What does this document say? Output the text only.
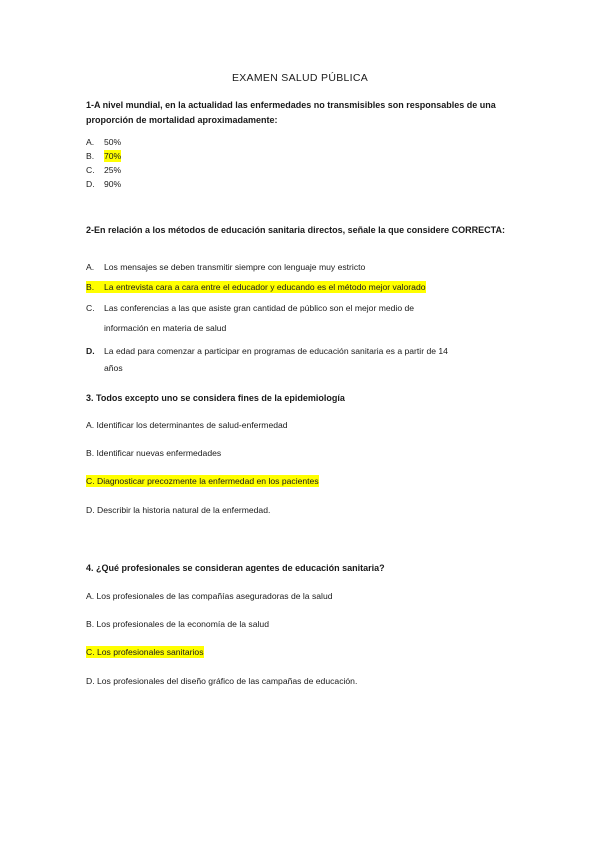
EXAMEN SALUD PÚBLICA
1-A nivel mundial, en la actualidad las enfermedades no transmisibles son responsables de una proporción de mortalidad aproximadamente:
A. 50%
B. 70%
C. 25%
D. 90%
2-En relación a los métodos de educación sanitaria directos, señale la que considere CORRECTA:
A. Los mensajes se deben transmitir siempre con lenguaje muy estricto
B.	La entrevista cara a cara entre el educador y educando es el método mejor valorado
C. Las conferencias a las que asiste gran cantidad de público son el mejor medio de
información en materia de salud
D. La edad para comenzar a participar en programas de educación sanitaria es a partir de 14
años
3. Todos excepto uno se considera fines de la epidemiología
A. Identificar los determinantes de salud-enfermedad
B. Identificar nuevas enfermedades
C. Diagnosticar precozmente la enfermedad en los pacientes
D. Describir la historia natural de la enfermedad.
4. ¿Qué profesionales se consideran agentes de educación sanitaria?
A. Los profesionales de las compañías aseguradoras de la salud
B. Los profesionales de la economía de la salud
C. Los profesionales sanitarios
D. Los profesionales del diseño gráfico de las campañas de educación.
